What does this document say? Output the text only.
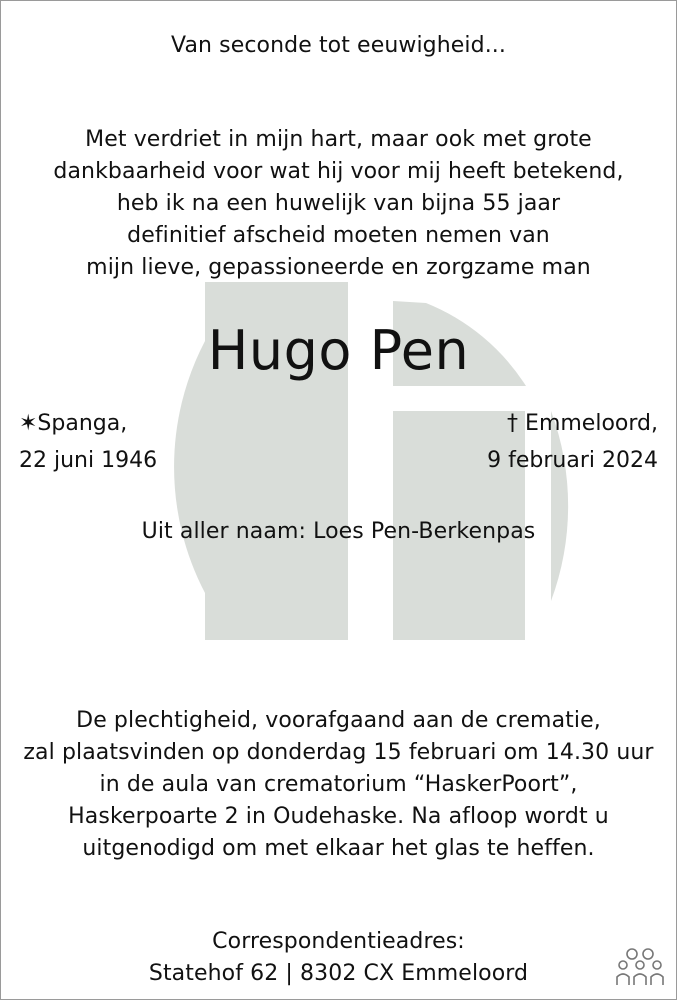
Van seconde tot eeuwigheid...
Met verdriet in mijn hart, maar ook met grote
dankbaarheid voor wat hij voor mij heeft betekend,
heb ik na een huwelijk van bijna 55 jaar
definitief afscheid moeten nemen van
mijn lieve, gepassioneerde en zorgzame man
Hugo Pen
✶Spanga,
22 juni 1946
† Emmeloord,
9 februari 2024
Uit aller naam: Loes Pen-Berkenpas
De plechtigheid, voorafgaand aan de crematie,
zal plaatsvinden op donderdag 15 februari om 14.30 uur
in de aula van crematorium “HaskerPoort”,
Haskerpoarte 2 in Oudehaske. Na afloop wordt u
uitgenodigd om met elkaar het glas te heffen.
Correspondentieadres:
Statehof 62 | 8302 CX Emmeloord
